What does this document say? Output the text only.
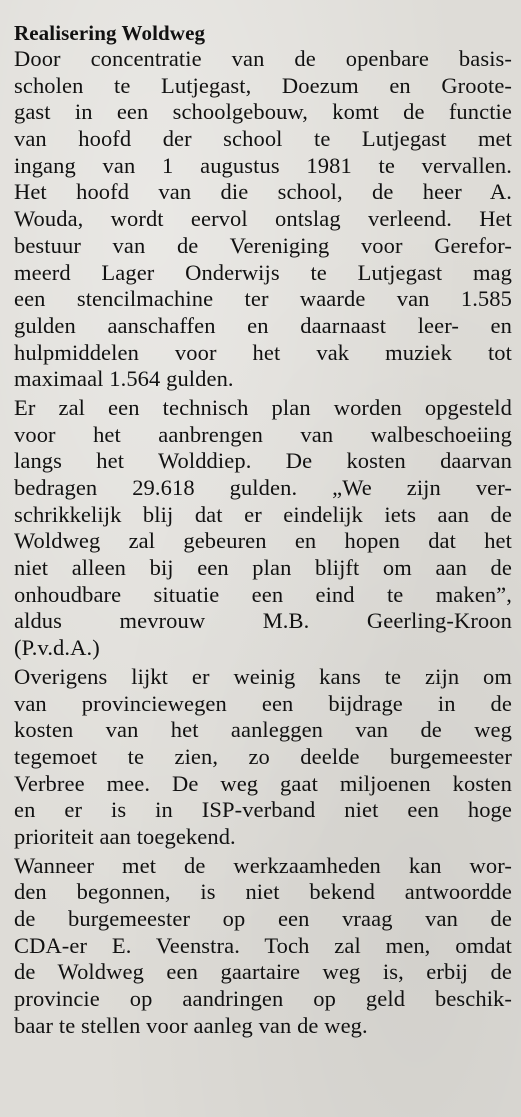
Realisering Woldweg
Door concentratie van de openbare basis-
scholen te Lutjegast, Doezum en Groote-
gast in een schoolgebouw, komt de functie
van hoofd der school te Lutjegast met
ingang van 1 augustus 1981 te vervallen.
Het hoofd van die school, de heer A.
Wouda, wordt eervol ontslag verleend. Het
bestuur van de Vereniging voor Gerefor-
meerd Lager Onderwijs te Lutjegast mag
een stencilmachine ter waarde van 1.585
gulden aanschaffen en daarnaast leer- en
hulpmiddelen voor het vak muziek tot
maximaal 1.564 gulden.
Er zal een technisch plan worden opgesteld
voor het aanbrengen van walbeschoeiing
langs het Wolddiep. De kosten daarvan
bedragen 29.618 gulden. „We zijn ver-
schrikkelijk blij dat er eindelijk iets aan de
Woldweg zal gebeuren en hopen dat het
niet alleen bij een plan blijft om aan de
onhoudbare situatie een eind te maken”,
aldus mevrouw M.B. Geerling-Kroon
(P.v.d.A.)
Overigens lijkt er weinig kans te zijn om
van provinciewegen een bijdrage in de
kosten van het aanleggen van de weg
tegemoet te zien, zo deelde burgemeester
Verbree mee. De weg gaat miljoenen kosten
en er is in ISP-verband niet een hoge
prioriteit aan toegekend.
Wanneer met de werkzaamheden kan wor-
den begonnen, is niet bekend antwoordde
de burgemeester op een vraag van de
CDA-er E. Veenstra. Toch zal men, omdat
de Woldweg een gaartaire weg is, erbij de
provincie op aandringen op geld beschik-
baar te stellen voor aanleg van de weg.
